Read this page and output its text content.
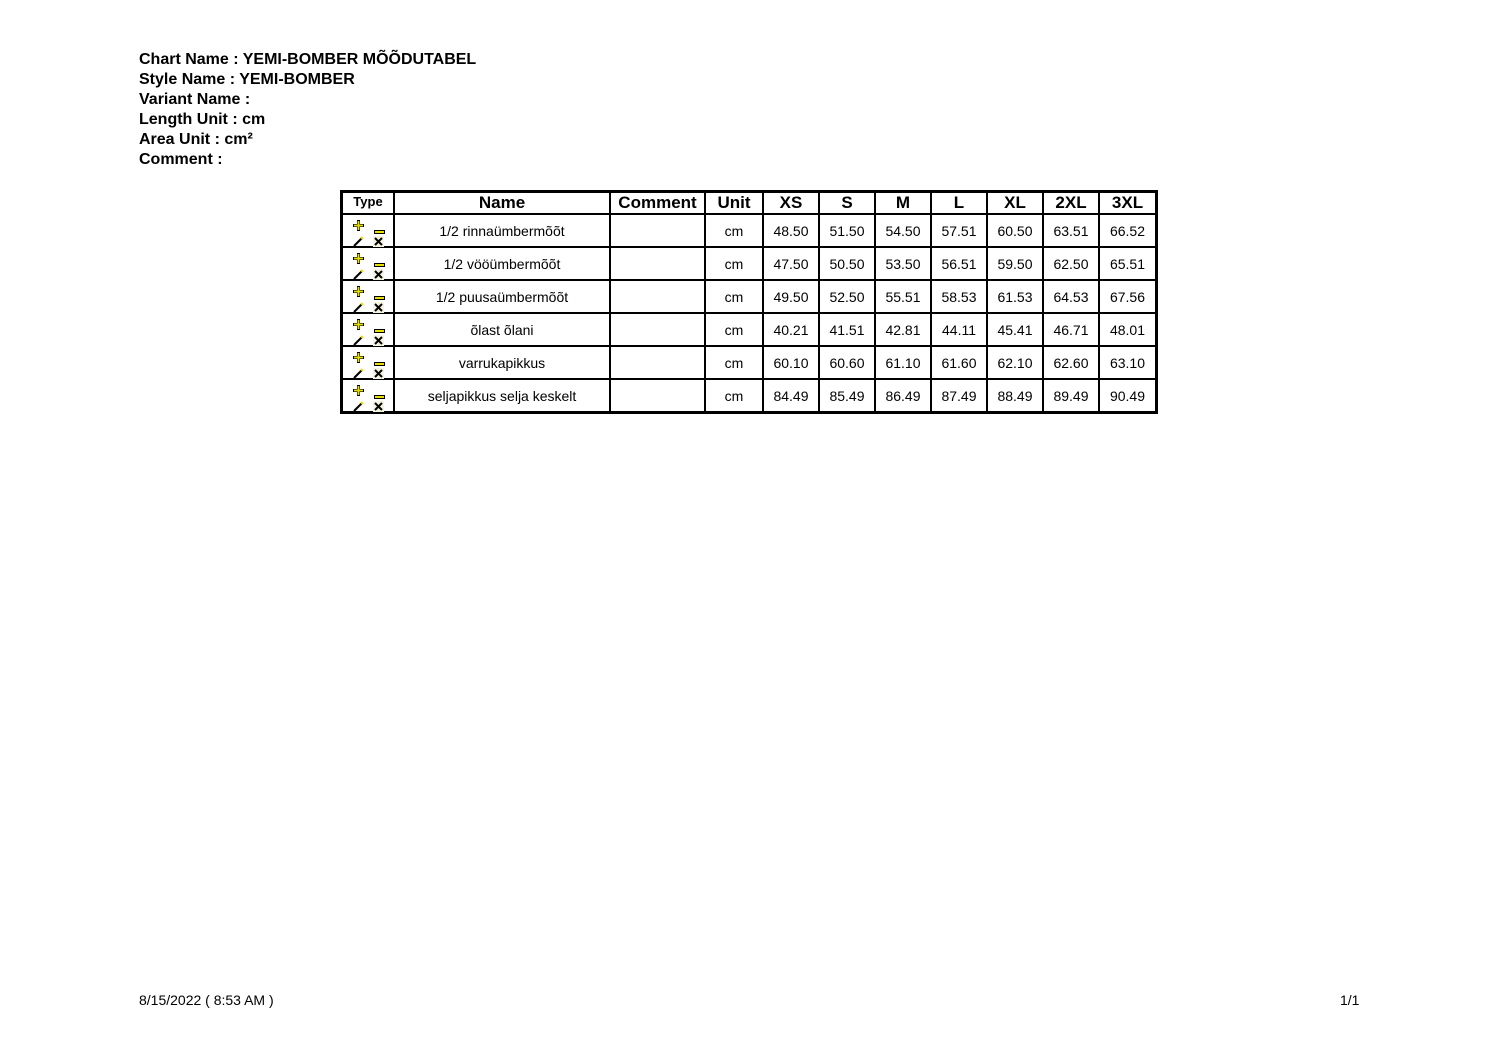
Chart Name : YEMI-BOMBER MÕÕDUTABEL
Style Name : YEMI-BOMBER
Variant Name :
Length Unit : cm
Area Unit : cm²
Comment :
Type	Name	Comment	Unit	XS	S	M	L	XL	2XL	3XL

	1/2 rinnaümbermõõt		cm	48.50	51.50	54.50	57.51	60.50	63.51	66.52

	1/2 vööümbermõõt		cm	47.50	50.50	53.50	56.51	59.50	62.50	65.51

	1/2 puusaümbermõõt		cm	49.50	52.50	55.51	58.53	61.53	64.53	67.56

	õlast õlani		cm	40.21	41.51	42.81	44.11	45.41	46.71	48.01

	varrukapikkus		cm	60.10	60.60	61.10	61.60	62.10	62.60	63.10

	seljapikkus selja keskelt		cm	84.49	85.49	86.49	87.49	88.49	89.49	90.49
8/15/2022 ( 8:53 AM )	1/1
